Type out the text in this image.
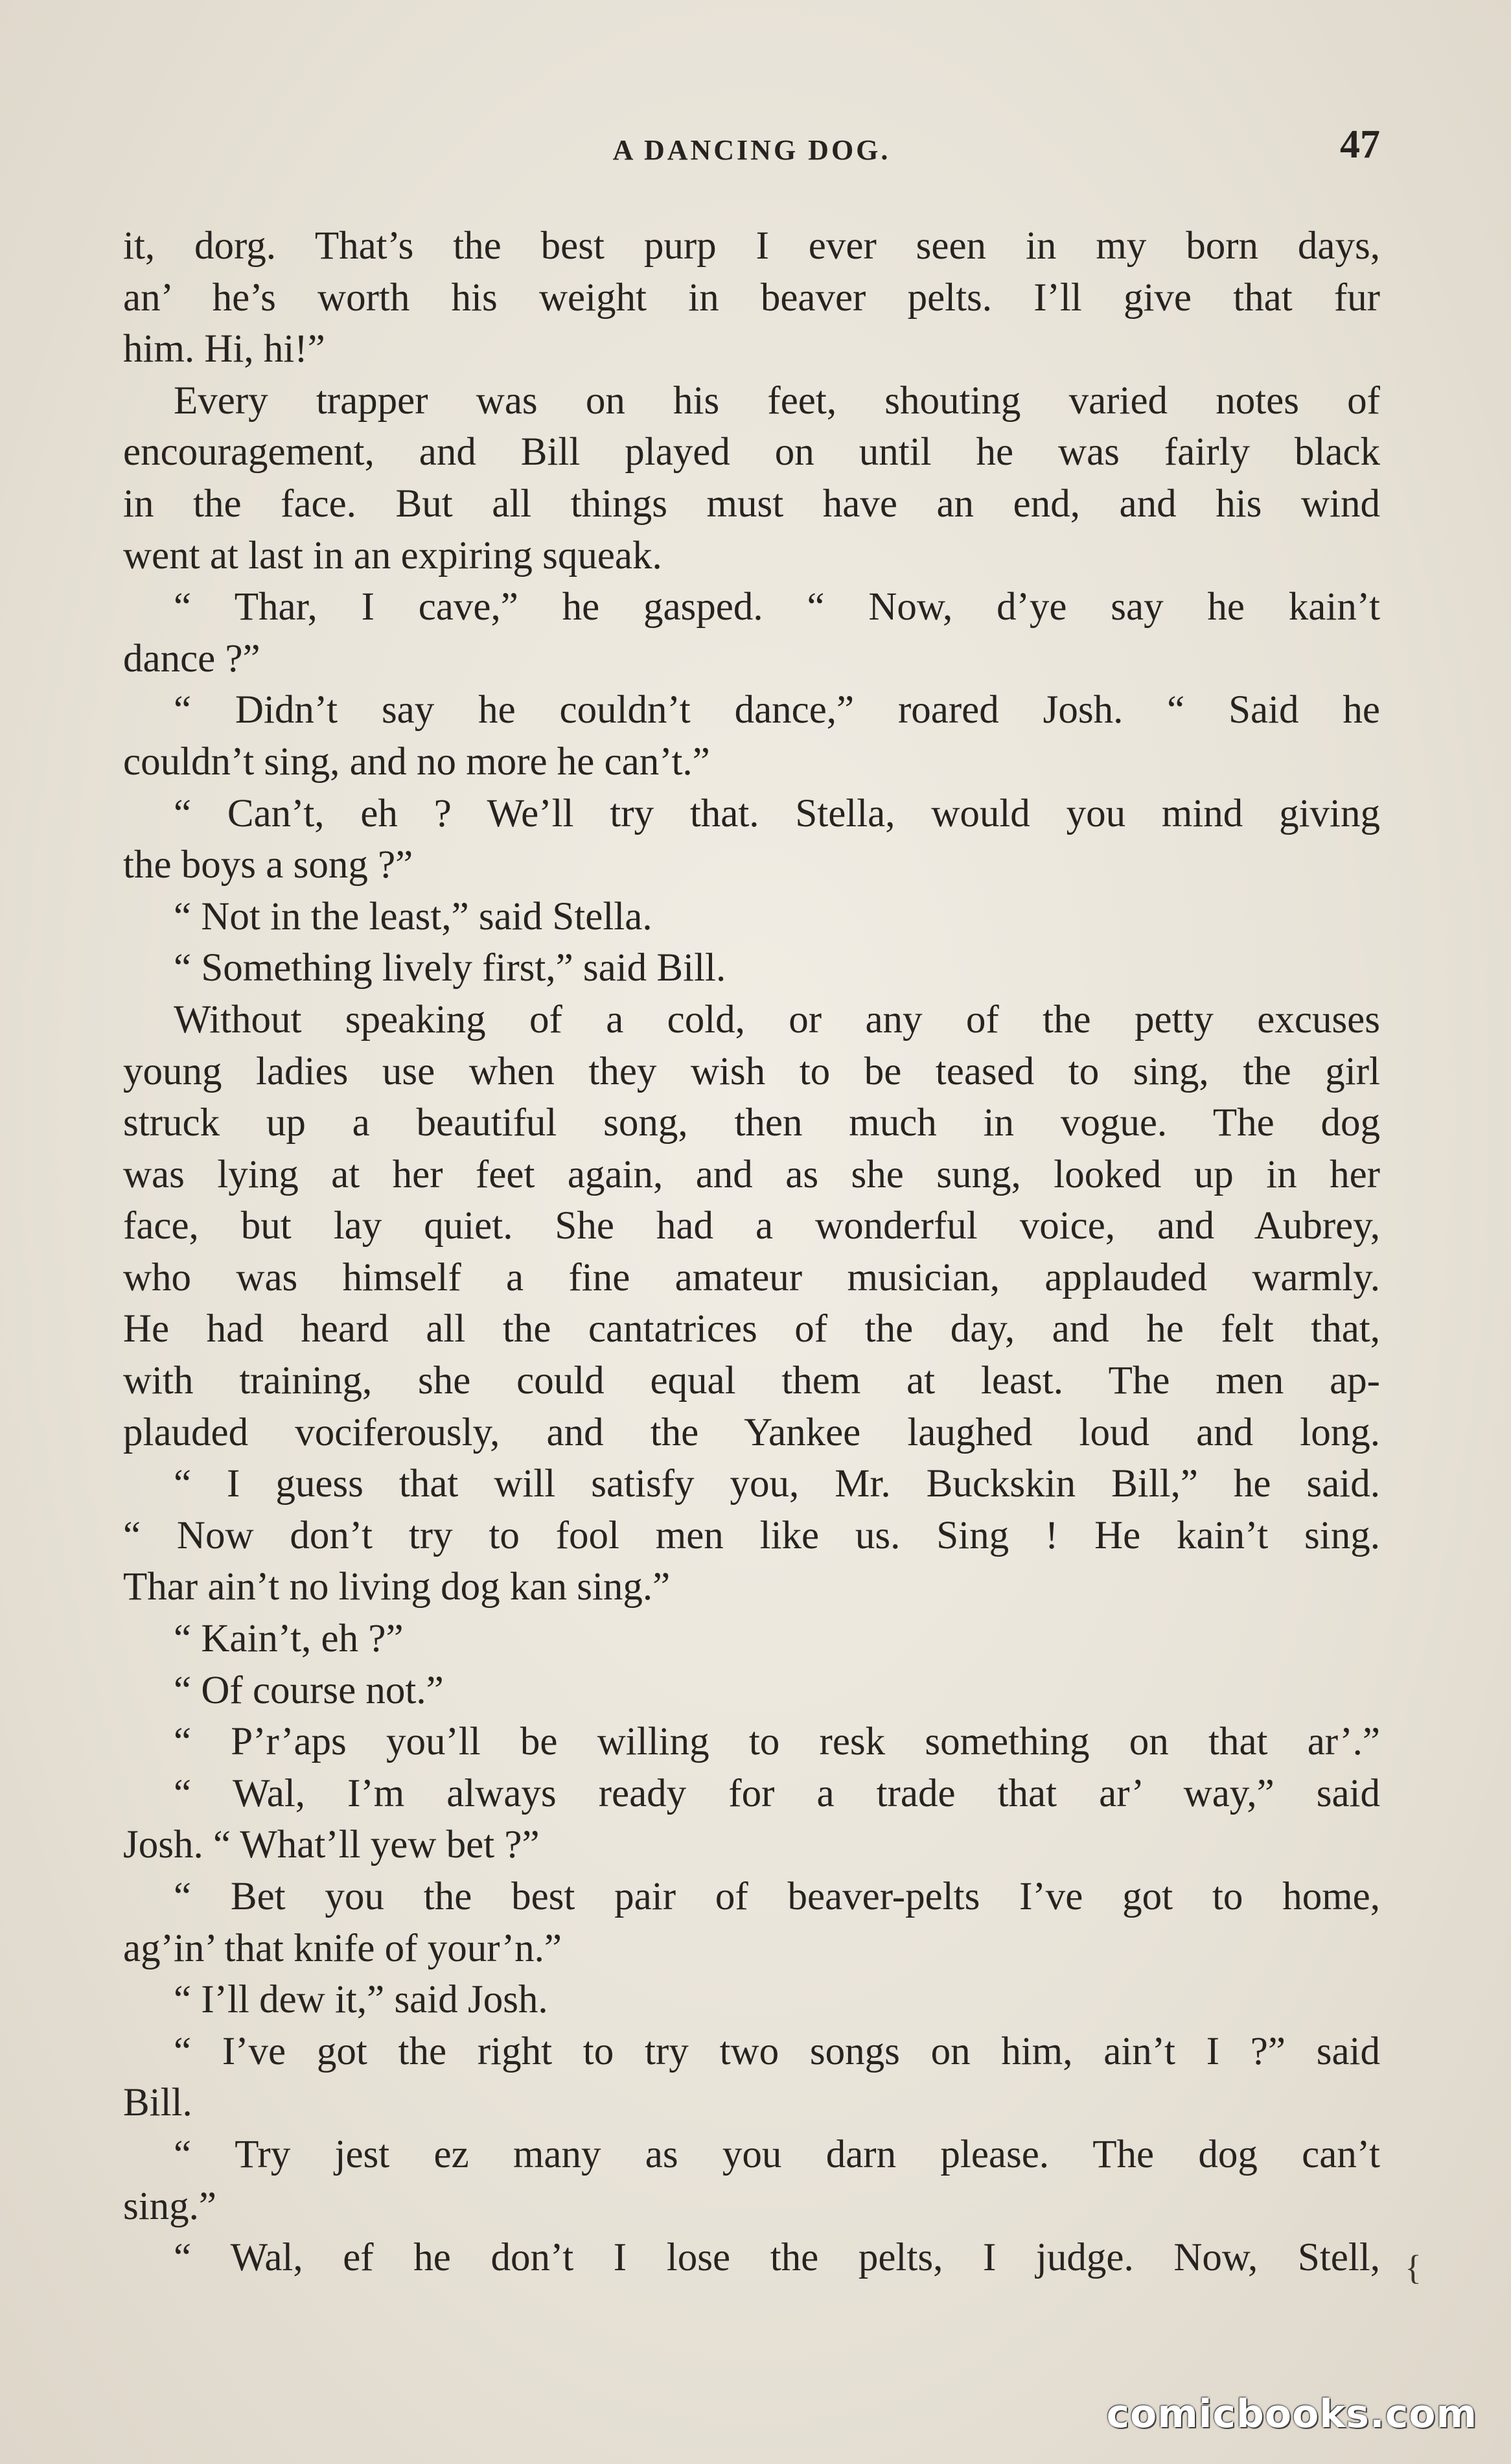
A DANCING DOG.	47
it, dorg. That’s the best purp I ever seen in my born days,
an’ he’s worth his weight in beaver pelts. I’ll give that fur
him. Hi, hi!”
Every trapper was on his feet, shouting varied notes of
encouragement, and Bill played on until he was fairly black
in the face. But all things must have an end, and his wind
went at last in an expiring squeak.
“ Thar, I cave,” he gasped. “ Now, d’ye say he kain’t
dance ?”
“ Didn’t say he couldn’t dance,” roared Josh. “ Said he
couldn’t sing, and no more he can’t.”
“ Can’t, eh ? We’ll try that. Stella, would you mind giving
the boys a song ?”
“ Not in the least,” said Stella.
“ Something lively first,” said Bill.
Without speaking of a cold, or any of the petty excuses
young ladies use when they wish to be teased to sing, the girl
struck up a beautiful song, then much in vogue. The dog
was lying at her feet again, and as she sung, looked up in her
face, but lay quiet. She had a wonderful voice, and Aubrey,
who was himself a fine amateur musician, applauded warmly.
He had heard all the cantatrices of the day, and he felt that,
with training, she could equal them at least. The men ap-
plauded vociferously, and the Yankee laughed loud and long.
“ I guess that will satisfy you, Mr. Buckskin Bill,” he said.
“ Now don’t try to fool men like us. Sing ! He kain’t sing.
Thar ain’t no living dog kan sing.”
“ Kain’t, eh ?”
“ Of course not.”
“ P’r’aps you’ll be willing to resk something on that ar’.”
“ Wal, I’m always ready for a trade that ar’ way,” said
Josh. “ What’ll yew bet ?”
“ Bet you the best pair of beaver-pelts I’ve got to home,
ag’in’ that knife of your’n.”
“ I’ll dew it,” said Josh.
“ I’ve got the right to try two songs on him, ain’t I ?” said
Bill.
“ Try jest ez many as you darn please. The dog can’t
sing.”
“ Wal, ef he don’t I lose the pelts, I judge. Now, Stell, {
comicbooks.com
